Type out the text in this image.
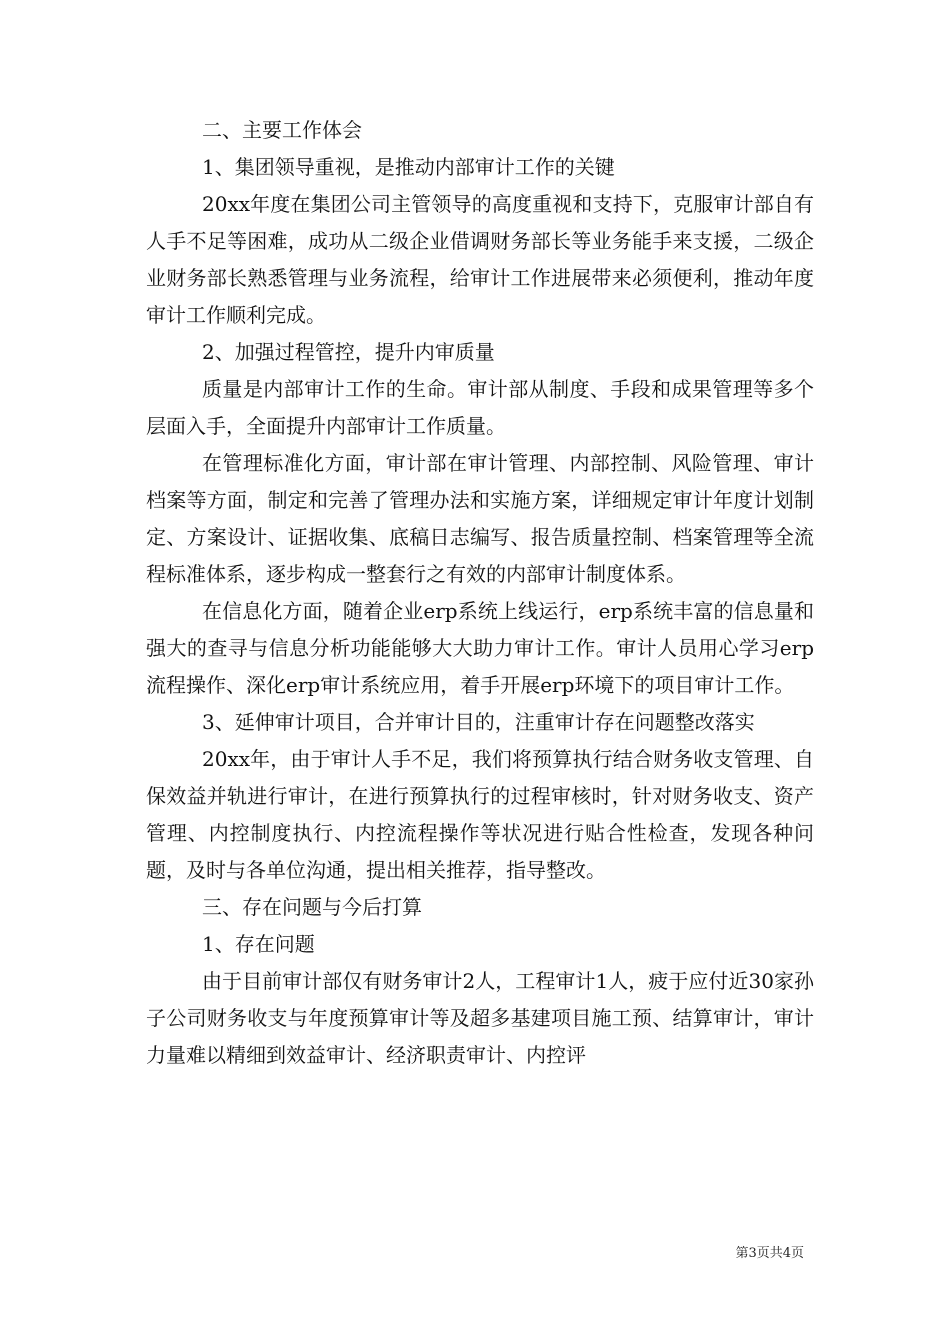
二、主要工作体会

1、集团领导重视，是推动内部审计工作的关键

20xx年度在集团公司主管领导的高度重视和支持下，克服审计部自有人手不足等困难，成功从二级企业借调财务部长等业务能手来支援，二级企业财务部长熟悉管理与业务流程，给审计工作进展带来必须便利，推动年度审计工作顺利完成。

2、加强过程管控，提升内审质量

质量是内部审计工作的生命。审计部从制度、手段和成果管理等多个层面入手，全面提升内部审计工作质量。

在管理标准化方面，审计部在审计管理、内部控制、风险管理、审计档案等方面，制定和完善了管理办法和实施方案，详细规定审计年度计划制定、方案设计、证据收集、底稿日志编写、报告质量控制、档案管理等全流程标准体系，逐步构成一整套行之有效的内部审计制度体系。

在信息化方面，随着企业erp系统上线运行，erp系统丰富的信息量和强大的查寻与信息分析功能能够大大助力审计工作。审计人员用心学习erp流程操作、深化erp审计系统应用，着手开展erp环境下的项目审计工作。

3、延伸审计项目，合并审计目的，注重审计存在问题整改落实

20xx年，由于审计人手不足，我们将预算执行结合财务收支管理、自保效益并轨进行审计，在进行预算执行的过程审核时，针对财务收支、资产管理、内控制度执行、内控流程操作等状况进行贴合性检查，发现各种问题，及时与各单位沟通，提出相关推荐，指导整改。

三、存在问题与今后打算

1、存在问题

由于目前审计部仅有财务审计2人，工程审计1人，疲于应付近30家孙子公司财务收支与年度预算审计等及超多基建项目施工预、结算审计，审计力量难以精细到效益审计、经济职责审计、内控评

第3页共4页
